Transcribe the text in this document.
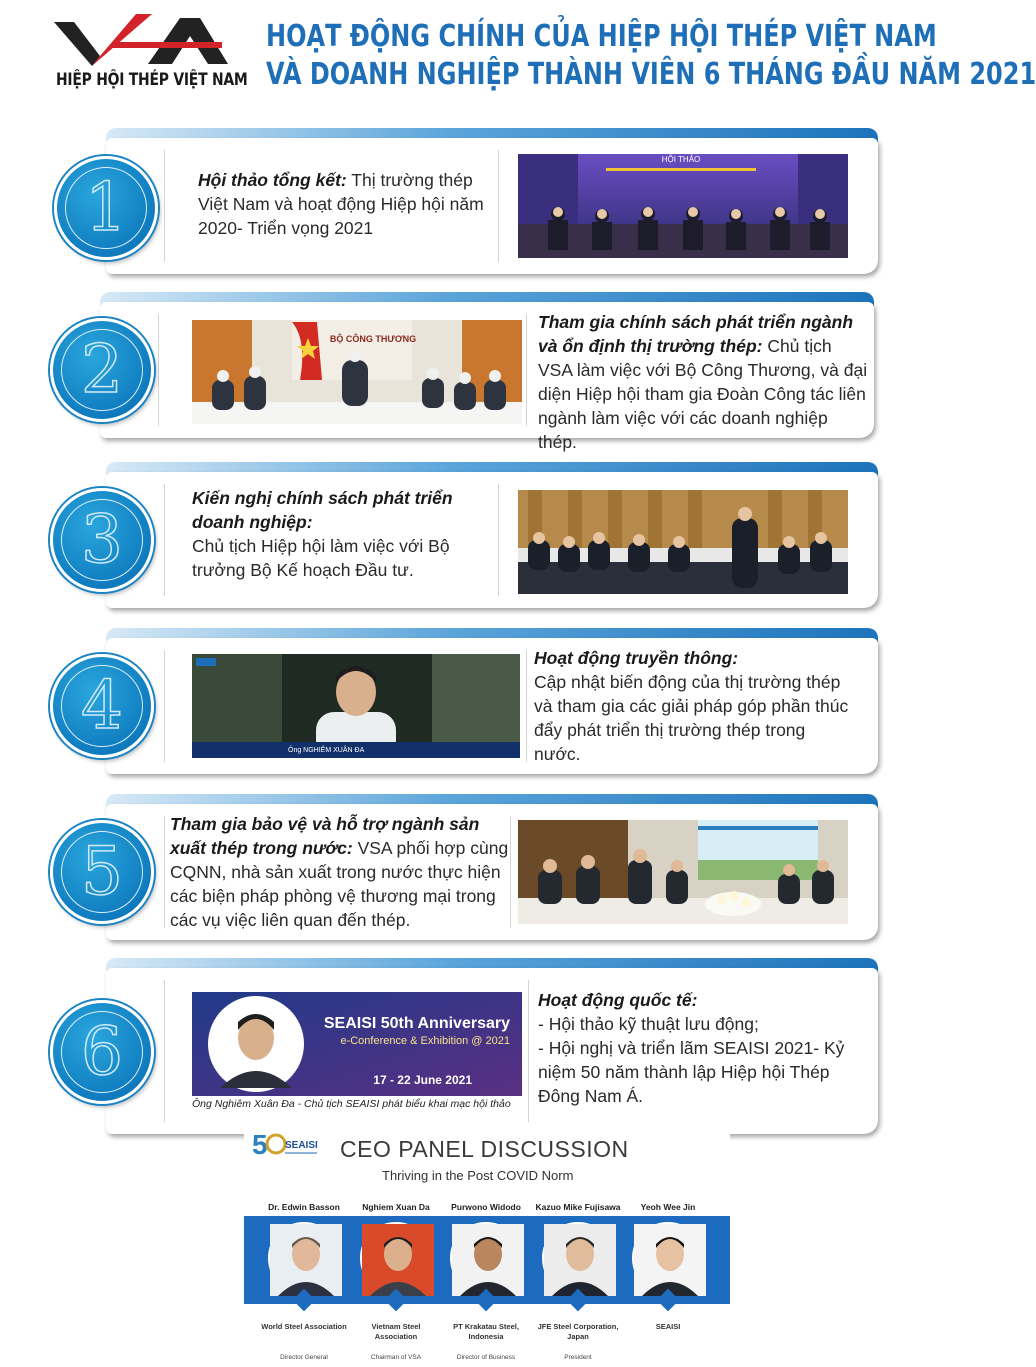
HIỆP HỘI THÉP VIỆT NAM
HOẠT ĐỘNG CHÍNH CỦA HIỆP HỘI THÉP VIỆT NAM
VÀ DOANH NGHIỆP THÀNH VIÊN 6 THÁNG ĐẦU NĂM 2021
1	Hội thảo tổng kết: Thị trường thép Việt Nam và hoạt động Hiệp hội năm 2020- Triển vọng 2021
HỘI THẢO
2	BỘ CÔNG THƯƠNG
Tham gia chính sách phát triển ngành và ổn định thị trường thép: Chủ tịch VSA làm việc với Bộ Công Thương, và đại diện Hiệp hội tham gia Đoàn Công tác liên ngành làm việc với các doanh nghiệp thép.
3
Kiến nghị chính sách phát triển doanh nghiệp:
Chủ tịch Hiệp hội làm việc với Bộ trưởng Bộ Kế hoạch Đầu tư.
4
Ông NGHIÊM XUÂN ĐA
Hoạt động truyền thông:
Cập nhật biến động của thị trường thép và tham gia các giải pháp góp phần thúc đẩy phát triển thị trường thép trong nước.
5
Tham gia bảo vệ và hỗ trợ ngành sản xuất thép trong nước: VSA phối hợp cùng CQNN, nhà sản xuất trong nước thực hiện các biện pháp phòng vệ thương mại trong các vụ việc liên quan đến thép.
6	SEAISI 50th Anniversary
e-Conference & Exhibition @ 2021
17 - 22 June 2021
Ông Nghiêm Xuân Đa - Chủ tịch SEAISI phát biểu khai mạc hội thảo
Hoạt động quốc tế:
- Hội thảo kỹ thuật lưu động;
- Hội nghị và triển lãm SEAISI 2021- Kỷ niệm 50 năm thành lập Hiệp hội Thép Đông Nam Á.
5 SEAISI CEO PANEL DISCUSSION
Thriving in the Post COVID Norm
Dr. Edwin Basson
World Steel Association
Director General
Nghiem Xuan Da
Vietnam Steel Association
Chairman of VSA
Purwono Widodo
PT Krakatau Steel, Indonesia
Director of Business
Kazuo Mike Fujisawa
JFE Steel Corporation, Japan
President
Yeoh Wee Jin
SEAISI
